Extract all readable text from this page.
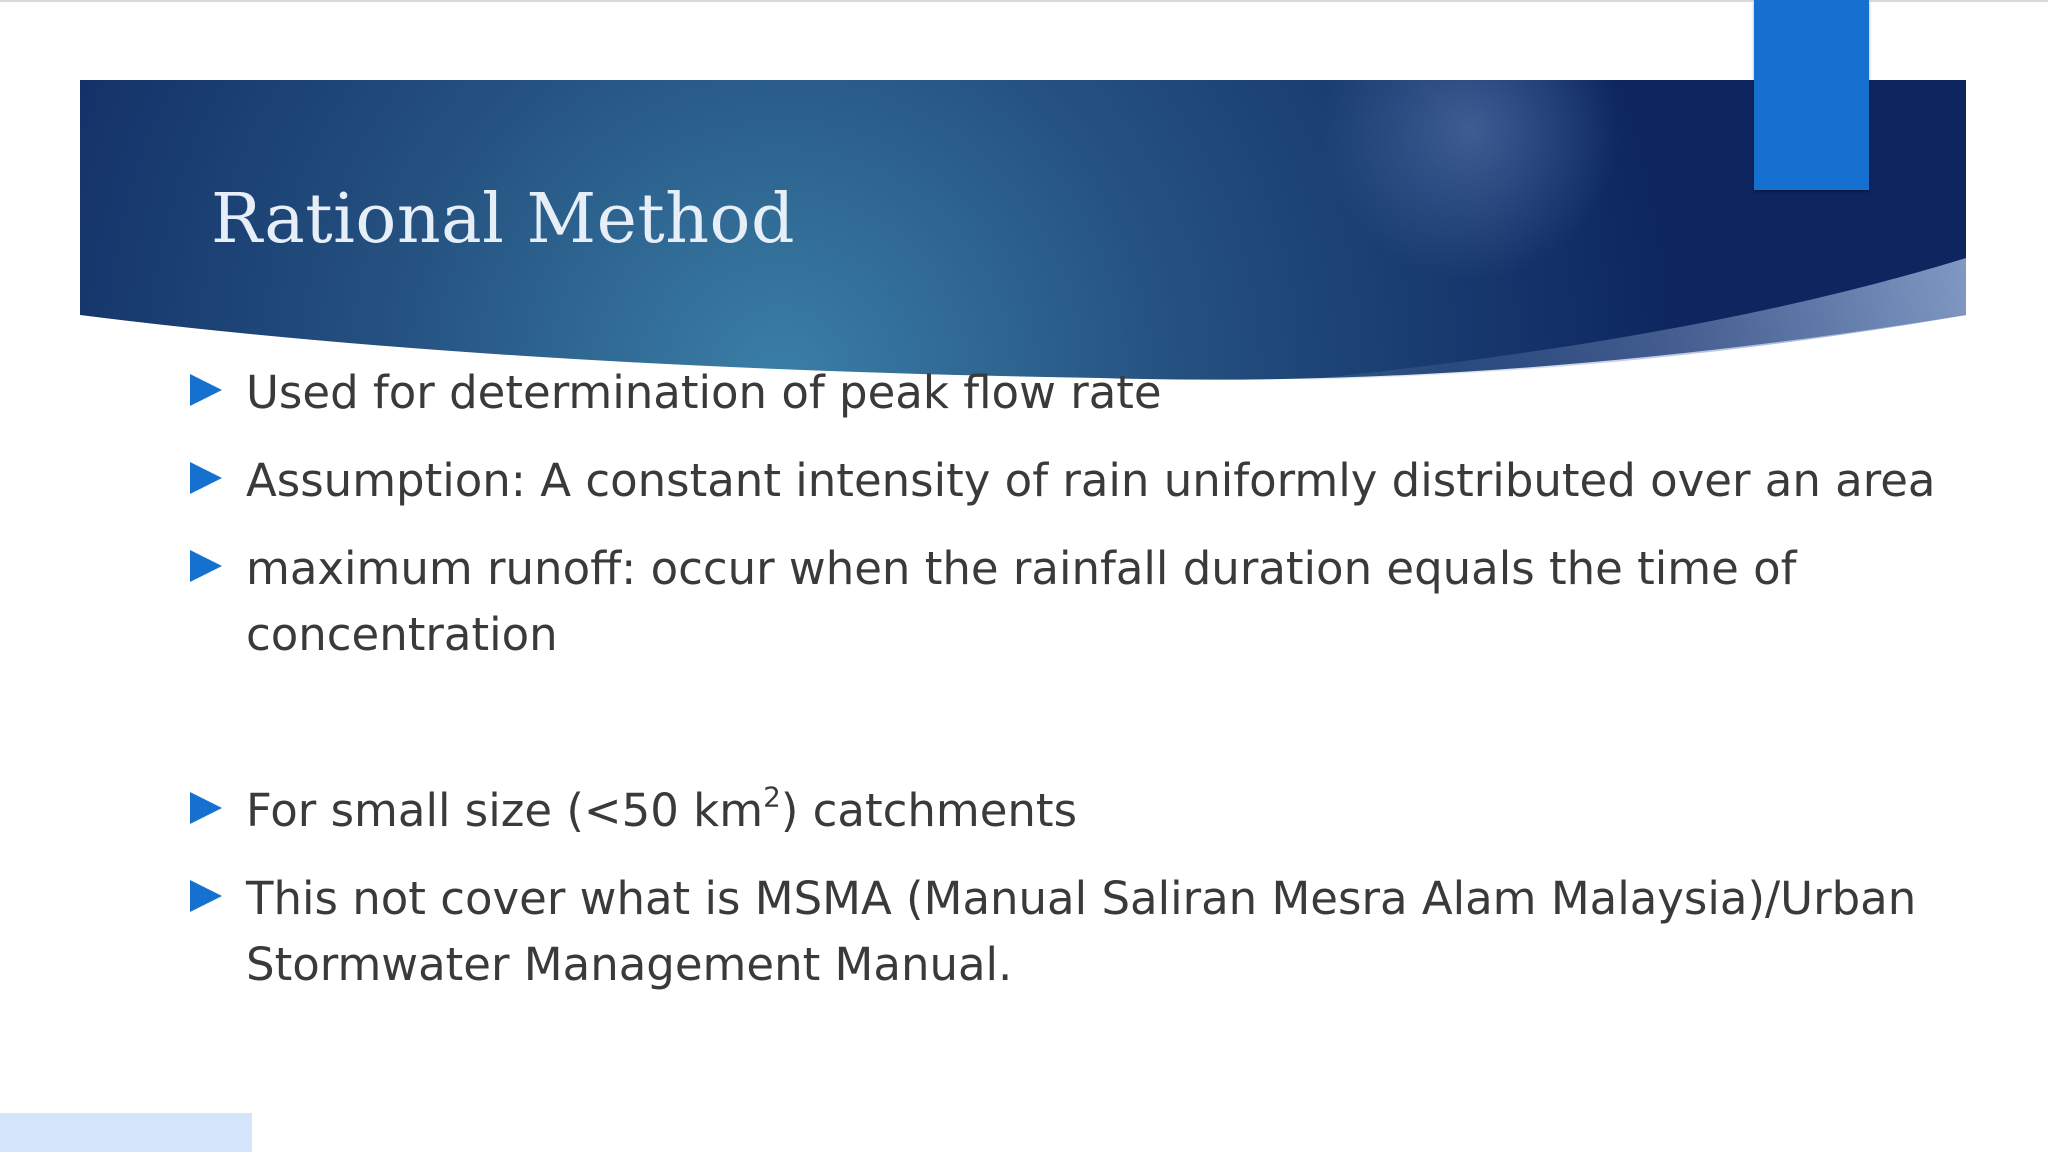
Rational Method
Used for determination of peak flow rate
Assumption: A constant intensity of rain uniformly distributed over an area
maximum runoff: occur when the rainfall duration equals the time of
concentration
For small size (<50 $km^2$) catchments
This not cover what is MSMA (Manual Saliran Mesra Alam Malaysia)/Urban
Stormwater Management Manual.
